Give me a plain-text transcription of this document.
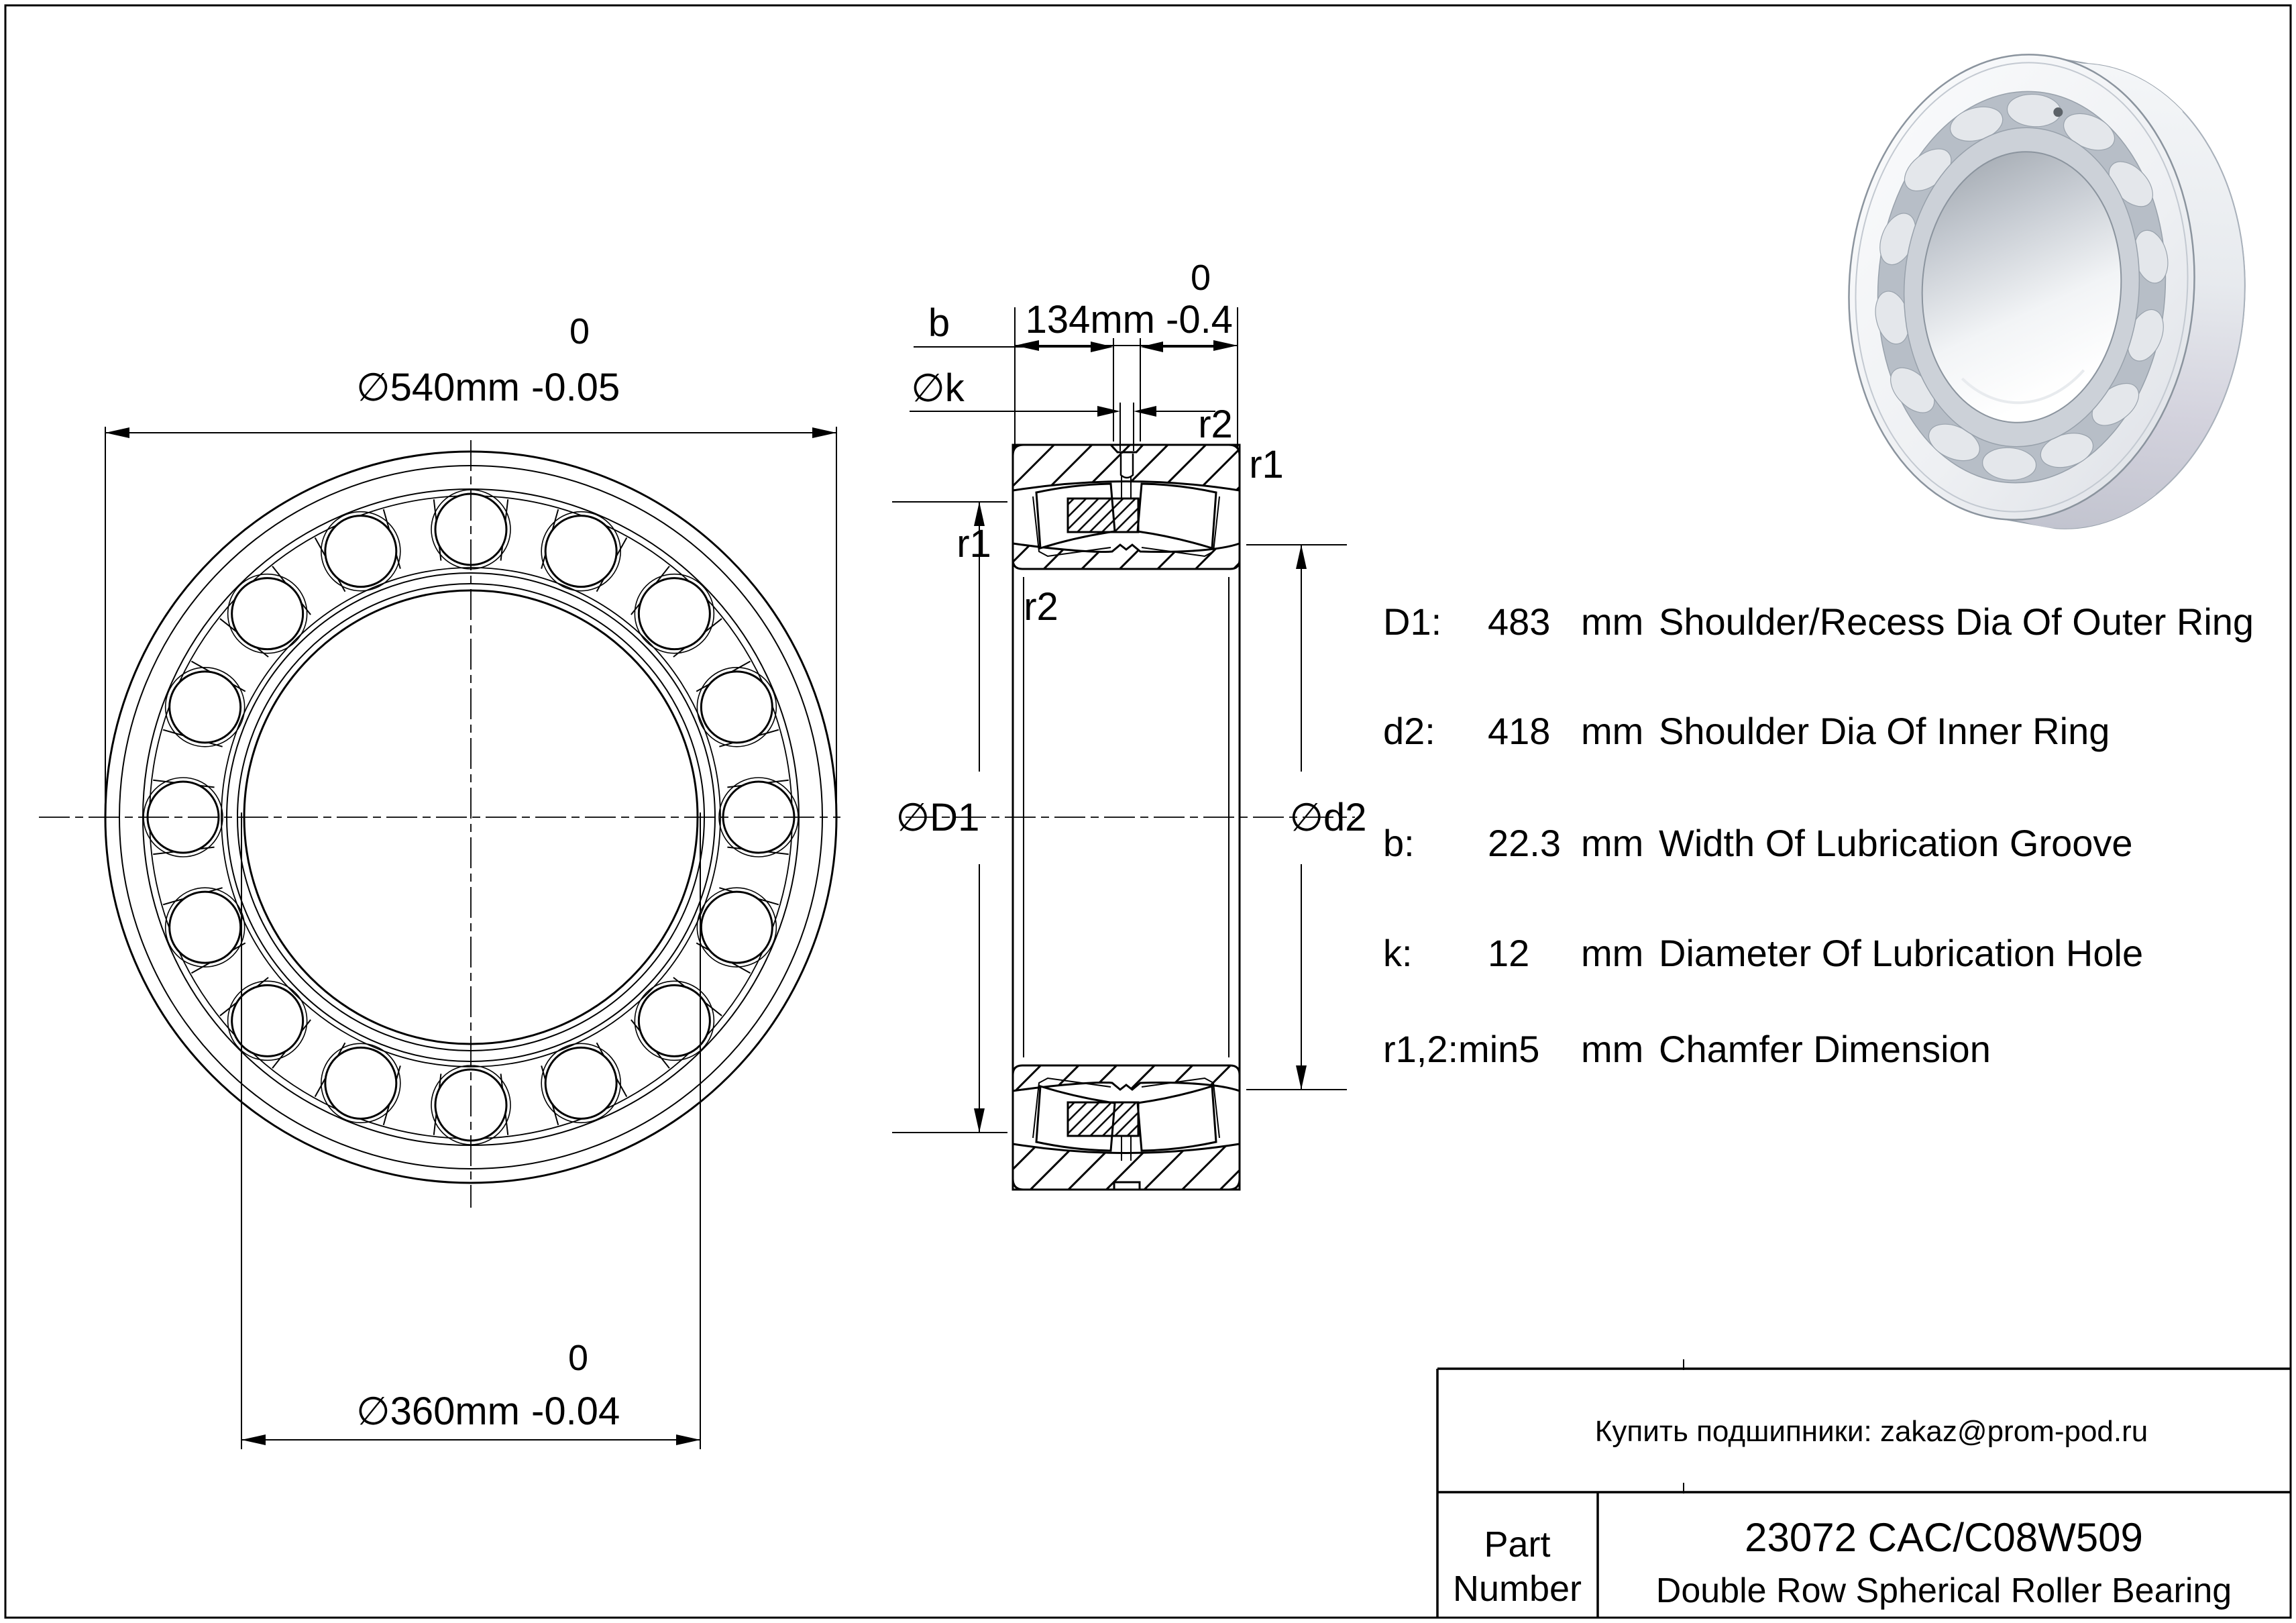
∅540mm -0.05
0
∅360mm -0.04
0
134mm -0.4
0
b
∅k
∅D1	∅d2
r2
r1
r1
r2	D1: 483 mm Shoulder/Recess Dia Of Outer Ring
d2: 418 mm Shoulder Dia Of Inner Ring
b: 22.3 mm Width Of Lubrication Groove
k: 12 mm Diameter Of Lubrication Hole
r1,2:min5 mm Chamfer Dimension
Купить подшипники: zakaz@prom-pod.ru
Part
Number
23072 CAC/C08W509
Double Row Spherical Roller Bearing
